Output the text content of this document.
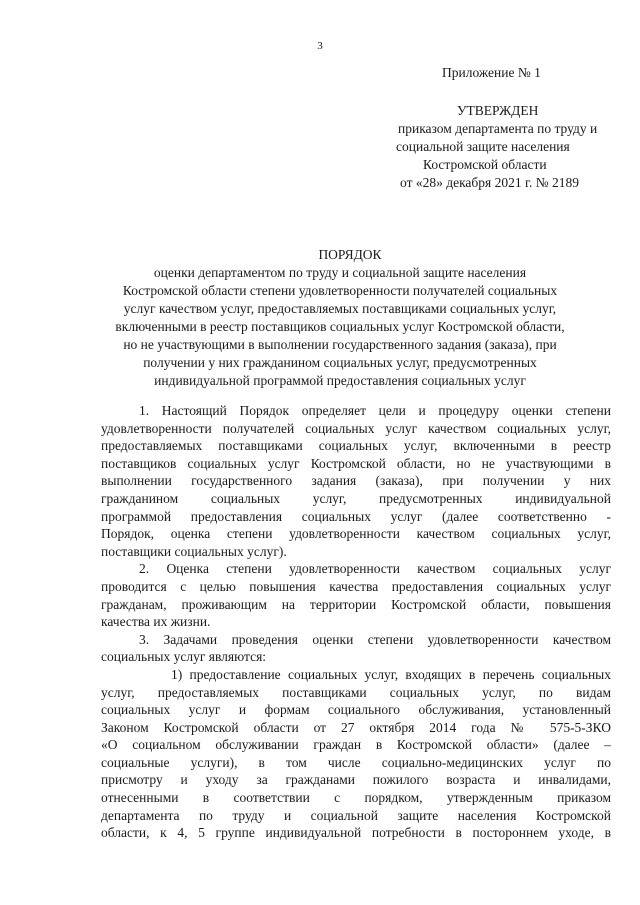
3
Приложение № 1
УТВЕРЖДЕН
приказом департамента по труду и
социальной защите населения
Костромской области
от «28» декабря 2021 г. № 2189
ПОРЯДОК
оценки департаментом по труду и социальной защите населения
Костромской области степени удовлетворенности получателей социальных
услуг качеством услуг, предоставляемых поставщиками социальных услуг,
включенными в реестр поставщиков социальных услуг Костромской области,
но не участвующими в выполнении государственного задания (заказа), при
получении у них гражданином социальных услуг, предусмотренных
индивидуальной программой предоставления социальных услуг
1. Настоящий Порядок определяет цели и процедуру оценки степени
удовлетворенности получателей социальных услуг качеством социальных услуг,
предоставляемых поставщиками социальных услуг, включенными в реестр
поставщиков социальных услуг Костромской области, но не участвующими в
выполнении государственного задания (заказа), при получении у них
гражданином социальных услуг, предусмотренных индивидуальной
программой предоставления социальных услуг (далее соответственно -
Порядок, оценка степени удовлетворенности качеством социальных услуг,
поставщики социальных услуг).
2. Оценка степени удовлетворенности качеством социальных услуг
проводится с целью повышения качества предоставления социальных услуг
гражданам, проживающим на территории Костромской области, повышения
качества их жизни.
3. Задачами проведения оценки степени удовлетворенности качеством
социальных услуг являются:
1) предоставление социальных услуг, входящих в перечень социальных
услуг, предоставляемых поставщиками социальных услуг, по видам
социальных услуг и формам социального обслуживания, установленный
Законом Костромской области от 27 октября 2014 года № 575-5-ЗКО
«О социальном обслуживании граждан в Костромской области» (далее –
социальные услуги), в том числе социально-медицинских услуг по
присмотру и уходу за гражданами пожилого возраста и инвалидами,
отнесенными в соответствии с порядком, утвержденным приказом
департамента по труду и социальной защите населения Костромской
области, к 4, 5 группе индивидуальной потребности в постороннем уходе, в
